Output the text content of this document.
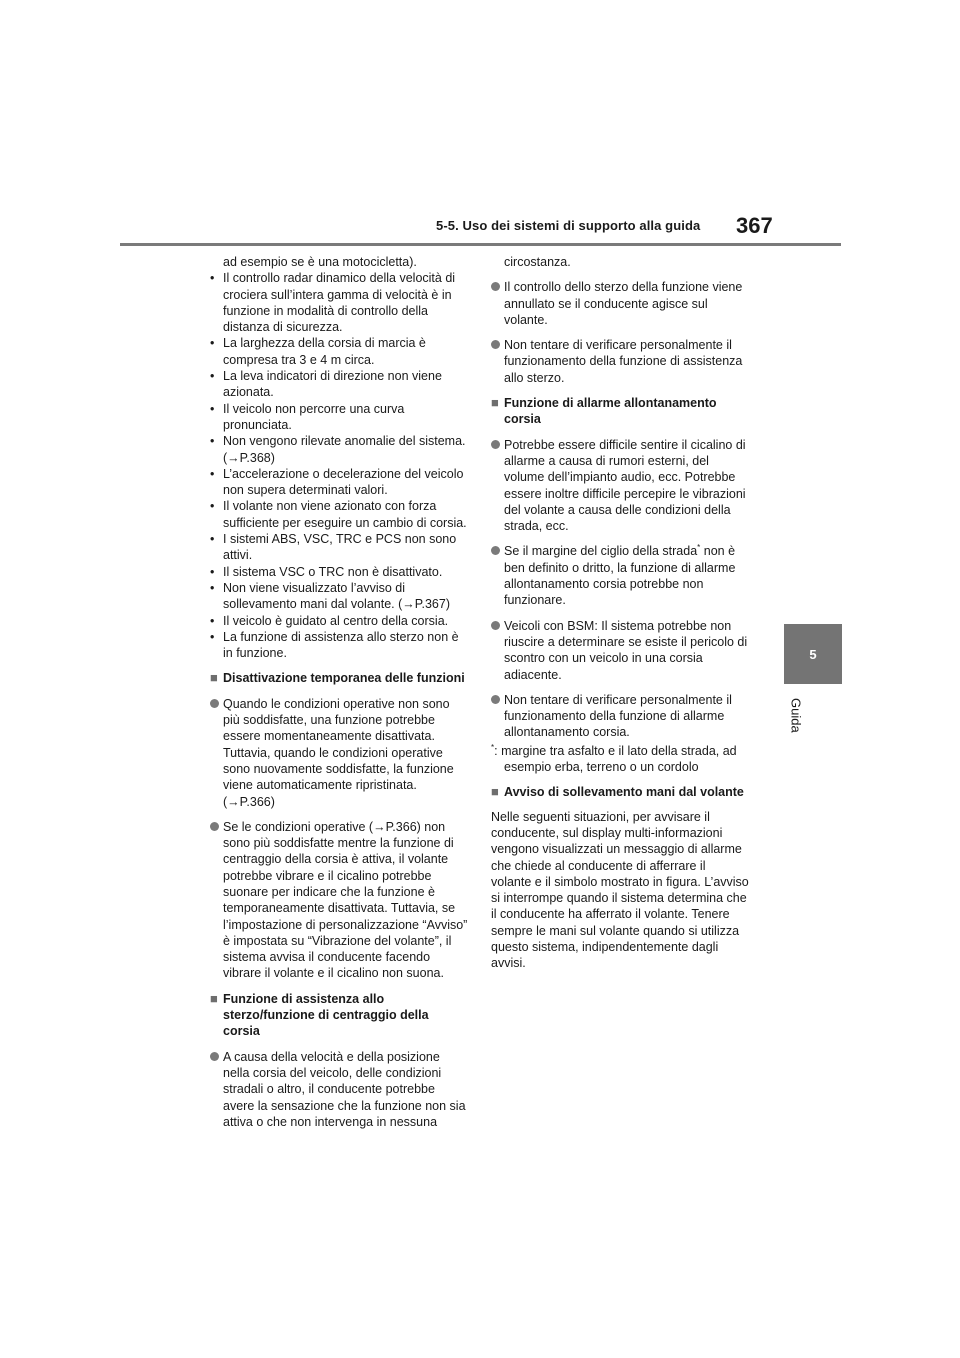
5-5. Uso dei sistemi di supporto alla guida 367
5
Guida

ad esempio se è una motocicletta).

• Il controllo radar dinamico della velocità di crociera sull’intera gamma di velocità è in funzione in modalità di controllo della distanza di sicurezza.

• La larghezza della corsia di marcia è compresa tra 3 e 4 m circa.

• La leva indicatori di direzione non viene azionata.

• Il veicolo non percorre una curva pronunciata.

• Non vengono rilevate anomalie del sistema. (→P.368)

• L’accelerazione o decelerazione del veicolo non supera determinati valori.

• Il volante non viene azionato con forza sufficiente per eseguire un cambio di corsia.

• I sistemi ABS, VSC, TRC e PCS non sono attivi.

• Il sistema VSC o TRC non è disattivato.

• Non viene visualizzato l’avviso di sollevamento mani dal volante. (→P.367)

• Il veicolo è guidato al centro della corsia.

• La funzione di assistenza allo sterzo non è in funzione.

■ Disattivazione temporanea delle funzioni

Quando le condizioni operative non sono più soddisfatte, una funzione potrebbe essere momentaneamente disattivata. Tuttavia, quando le condizioni operative sono nuovamente soddisfatte, la funzione viene automaticamente ripristinata. (→P.366)

Se le condizioni operative (→P.366) non sono più soddisfatte mentre la funzione di centraggio della corsia è attiva, il volante potrebbe vibrare e il cicalino potrebbe suonare per indicare che la funzione è temporaneamente disattivata. Tuttavia, se l’impostazione di personalizzazione “Avviso” è impostata su “Vibrazione del volante”, il sistema avvisa il conducente facendo vibrare il volante e il cicalino non suona.

■ Funzione di assistenza allo sterzo/funzione di centraggio della corsia

A causa della velocità e della posizione nella corsia del veicolo, delle condizioni stradali o altro, il conducente potrebbe avere la sensazione che la funzione non sia attiva o che non intervenga in nessuna

circostanza.

Il controllo dello sterzo della funzione viene annullato se il conducente agisce sul volante.

Non tentare di verificare personalmente il funzionamento della funzione di assistenza allo sterzo.

■ Funzione di allarme allontanamento corsia

Potrebbe essere difficile sentire il cicalino di allarme a causa di rumori esterni, del volume dell’impianto audio, ecc. Potrebbe essere inoltre difficile percepire le vibrazioni del volante a causa delle condizioni della strada, ecc.

Se il margine del ciglio della strada* non è ben definito o dritto, la funzione di allarme allontanamento corsia potrebbe non funzionare.

Veicoli con BSM: Il sistema potrebbe non riuscire a determinare se esiste il pericolo di scontro con un veicolo in una corsia adiacente.

Non tentare di verificare personalmente il funzionamento della funzione di allarme allontanamento corsia.

*: margine tra asfalto e il lato della strada, ad esempio erba, terreno o un cordolo

■ Avviso di sollevamento mani dal volante

Nelle seguenti situazioni, per avvisare il conducente, sul display multi-informazioni vengono visualizzati un messaggio di allarme che chiede al conducente di afferrare il volante e il simbolo mostrato in figura. L’avviso si interrompe quando il sistema determina che il conducente ha afferrato il volante. Tenere sempre le mani sul volante quando si utilizza questo sistema, indipendentemente dagli avvisi.
